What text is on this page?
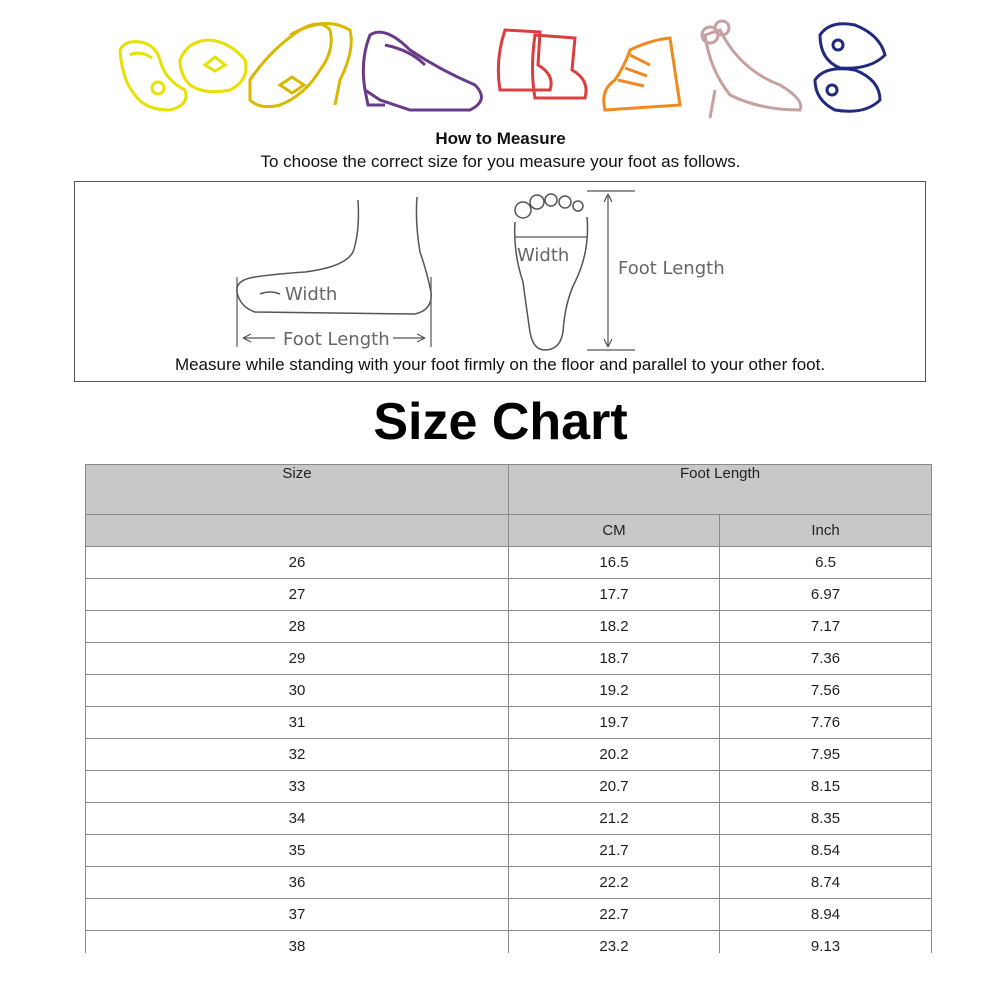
How to Measure
To choose the correct size for you measure your foot as follows.
Width
Foot Length
Width
Foot Length
Measure while standing with your foot firmly on the floor and parallel to your other foot.
Size Chart
Size	Foot Length	
	CM	Inch
26	16.5	6.5
27	17.7	6.97
28	18.2	7.17
29	18.7	7.36
30	19.2	7.56
31	19.7	7.76
32	20.2	7.95
33	20.7	8.15
34	21.2	8.35
35	21.7	8.54
36	22.2	8.74
37	22.7	8.94
38	23.2	9.13
